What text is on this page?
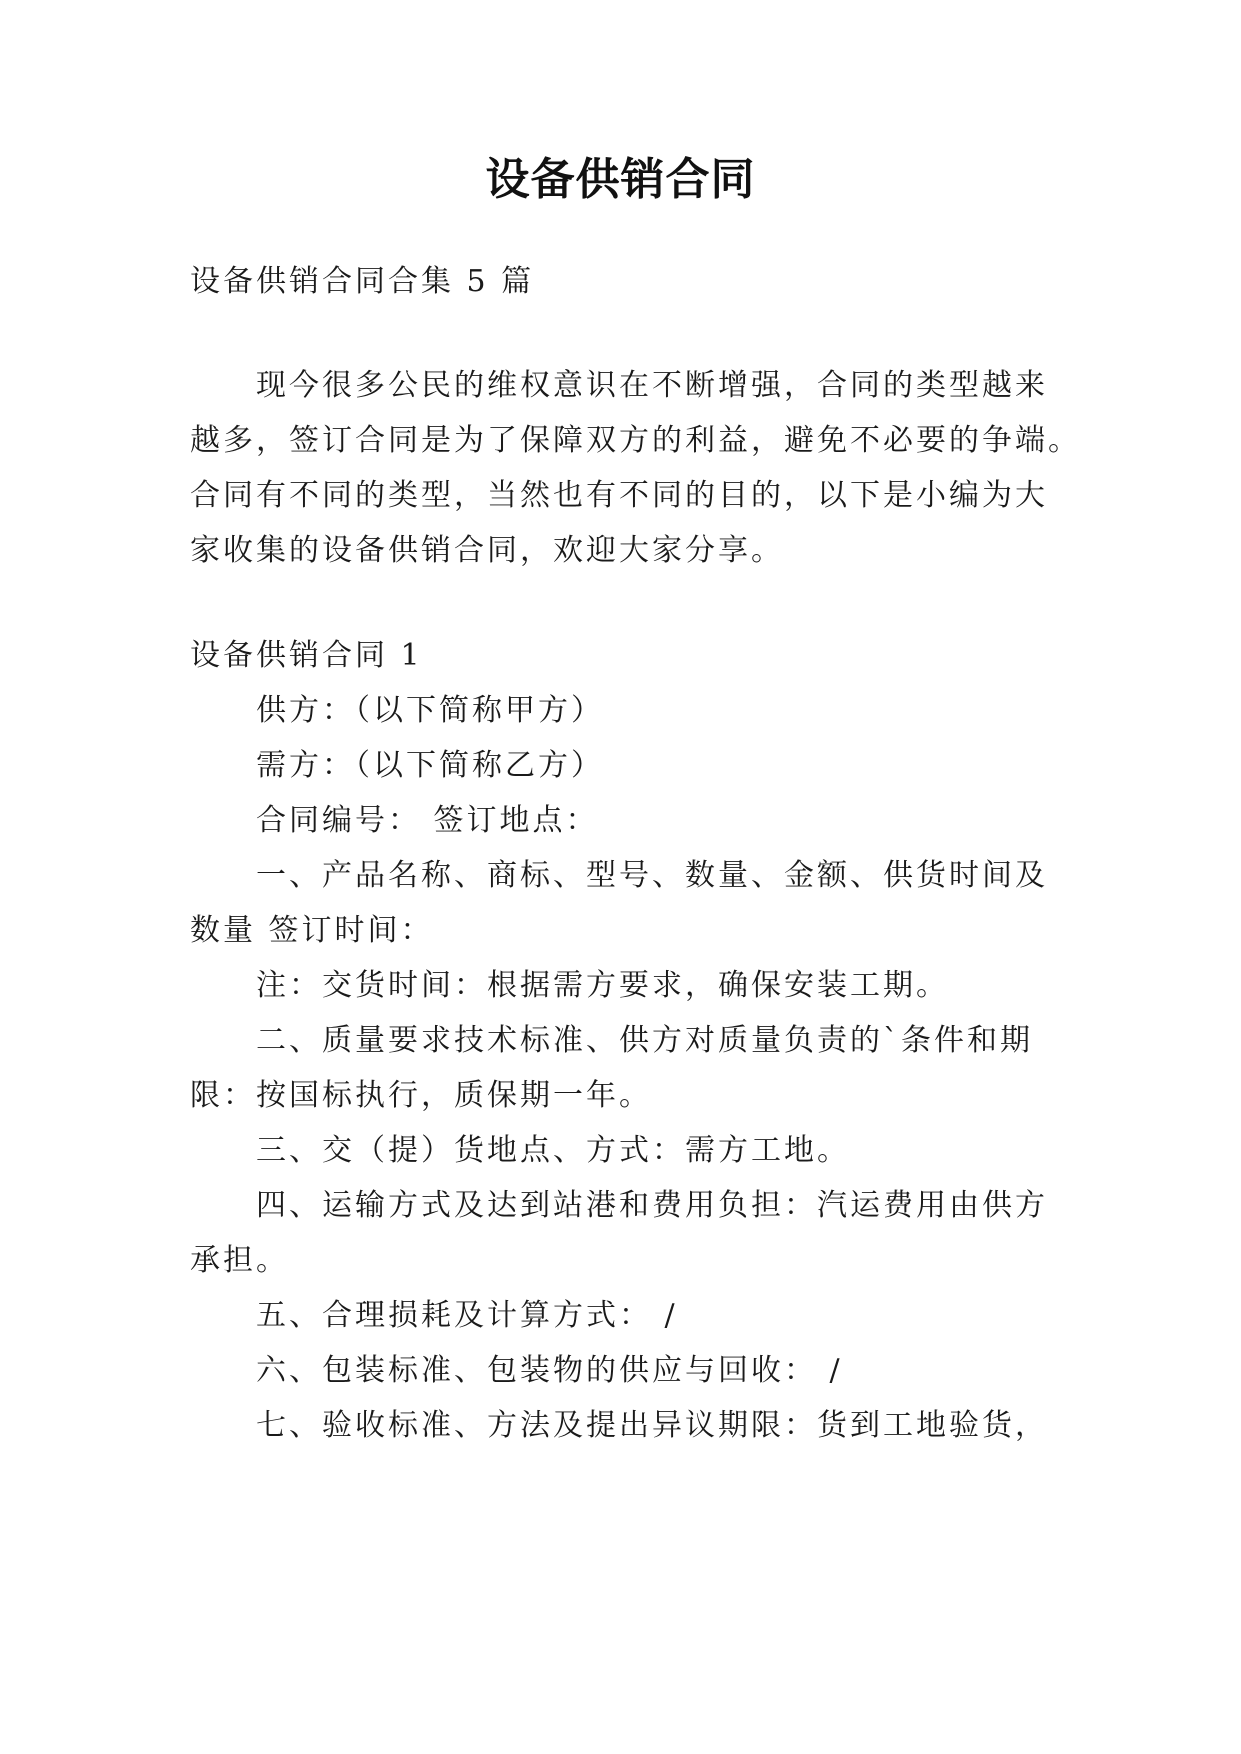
设备供销合同
设备供销合同合集 5 篇
现今很多公民的维权意识在不断增强，合同的类型越来
越多，签订合同是为了保障双方的利益，避免不必要的争端。
合同有不同的类型，当然也有不同的目的，以下是小编为大
家收集的设备供销合同，欢迎大家分享。
设备供销合同 1
供方：（以下简称甲方）
需方：（以下简称乙方）
合同编号： 签订地点：
一、产品名称、商标、型号、数量、金额、供货时间及
数量 签订时间：
注：交货时间：根据需方要求，确保安装工期。
二、质量要求技术标准、供方对质量负责的`条件和期
限：按国标执行，质保期一年。
三、交（提）货地点、方式：需方工地。
四、运输方式及达到站港和费用负担：汽运费用由供方
承担。
五、合理损耗及计算方式： /
六、包装标准、包装物的供应与回收： /
七、验收标准、方法及提出异议期限：货到工地验货，
